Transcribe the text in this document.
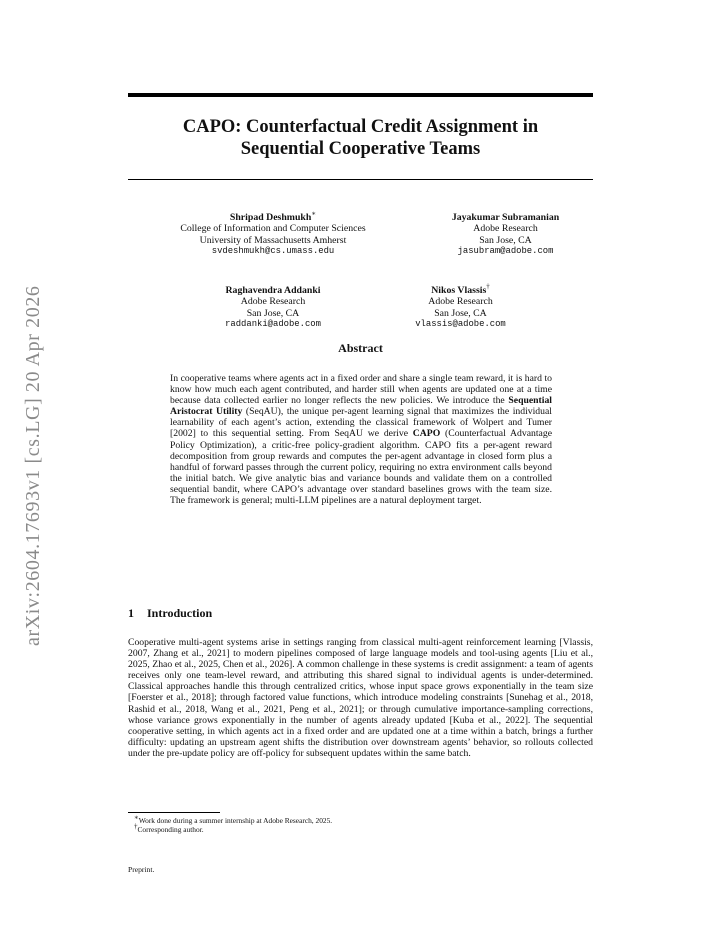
arXiv:2604.17693v1 [cs.LG] 20 Apr 2026
CAPO: Counterfactual Credit Assignment in
Sequential Cooperative Teams
Shripad Deshmukh∗
College of Information and Computer Sciences
University of Massachusetts Amherst
svdeshmukh@cs.umass.edu
Jayakumar Subramanian
Adobe Research
San Jose, CA
jasubram@adobe.com
Raghavendra Addanki
Adobe Research
San Jose, CA
raddanki@adobe.com
Nikos Vlassis†
Adobe Research
San Jose, CA
vlassis@adobe.com
Abstract

In cooperative teams where agents act in a fixed order and share a single team reward, it is hard to know how much each agent contributed, and harder still when agents are updated one at a time because data collected earlier no longer reflects the new policies. We introduce the Sequential Aristocrat Utility (SeqAU), the unique per-agent learning signal that maximizes the individual learnability of each agent’s action, extending the classical framework of Wolpert and Tumer [2002] to this sequential setting. From SeqAU we derive CAPO (Counterfactual Advantage Policy Optimization), a critic-free policy-gradient algorithm. CAPO fits a per-agent reward decomposition from group rewards and computes the per-agent advantage in closed form plus a handful of forward passes through the current policy, requiring no extra environment calls beyond the initial batch. We give analytic bias and variance bounds and validate them on a controlled sequential bandit, where CAPO’s advantage over standard baselines grows with the team size. The framework is general; multi-LLM pipelines are a natural deployment target.

1 Introduction

Cooperative multi-agent systems arise in settings ranging from classical multi-agent reinforcement learning [Vlassis, 2007, Zhang et al., 2021] to modern pipelines composed of large language models and tool-using agents [Liu et al., 2025, Zhao et al., 2025, Chen et al., 2026]. A common challenge in these systems is credit assignment: a team of agents receives only one team-level reward, and attributing this shared signal to individual agents is under-determined. Classical approaches handle this through centralized critics, whose input space grows exponentially in the team size [Foerster et al., 2018]; through factored value functions, which introduce modeling constraints [Sunehag et al., 2018, Rashid et al., 2018, Wang et al., 2021, Peng et al., 2021]; or through cumulative importance-sampling corrections, whose variance grows exponentially in the number of agents already updated [Kuba et al., 2022]. The sequential cooperative setting, in which agents act in a fixed order and are updated one at a time within a batch, brings a further difficulty: updating an upstream agent shifts the distribution over downstream agents’ behavior, so rollouts collected under the pre-update policy are off-policy for subsequent updates within the same batch.

∗Work done during a summer internship at Adobe Research, 2025.
†Corresponding author.
Preprint.
